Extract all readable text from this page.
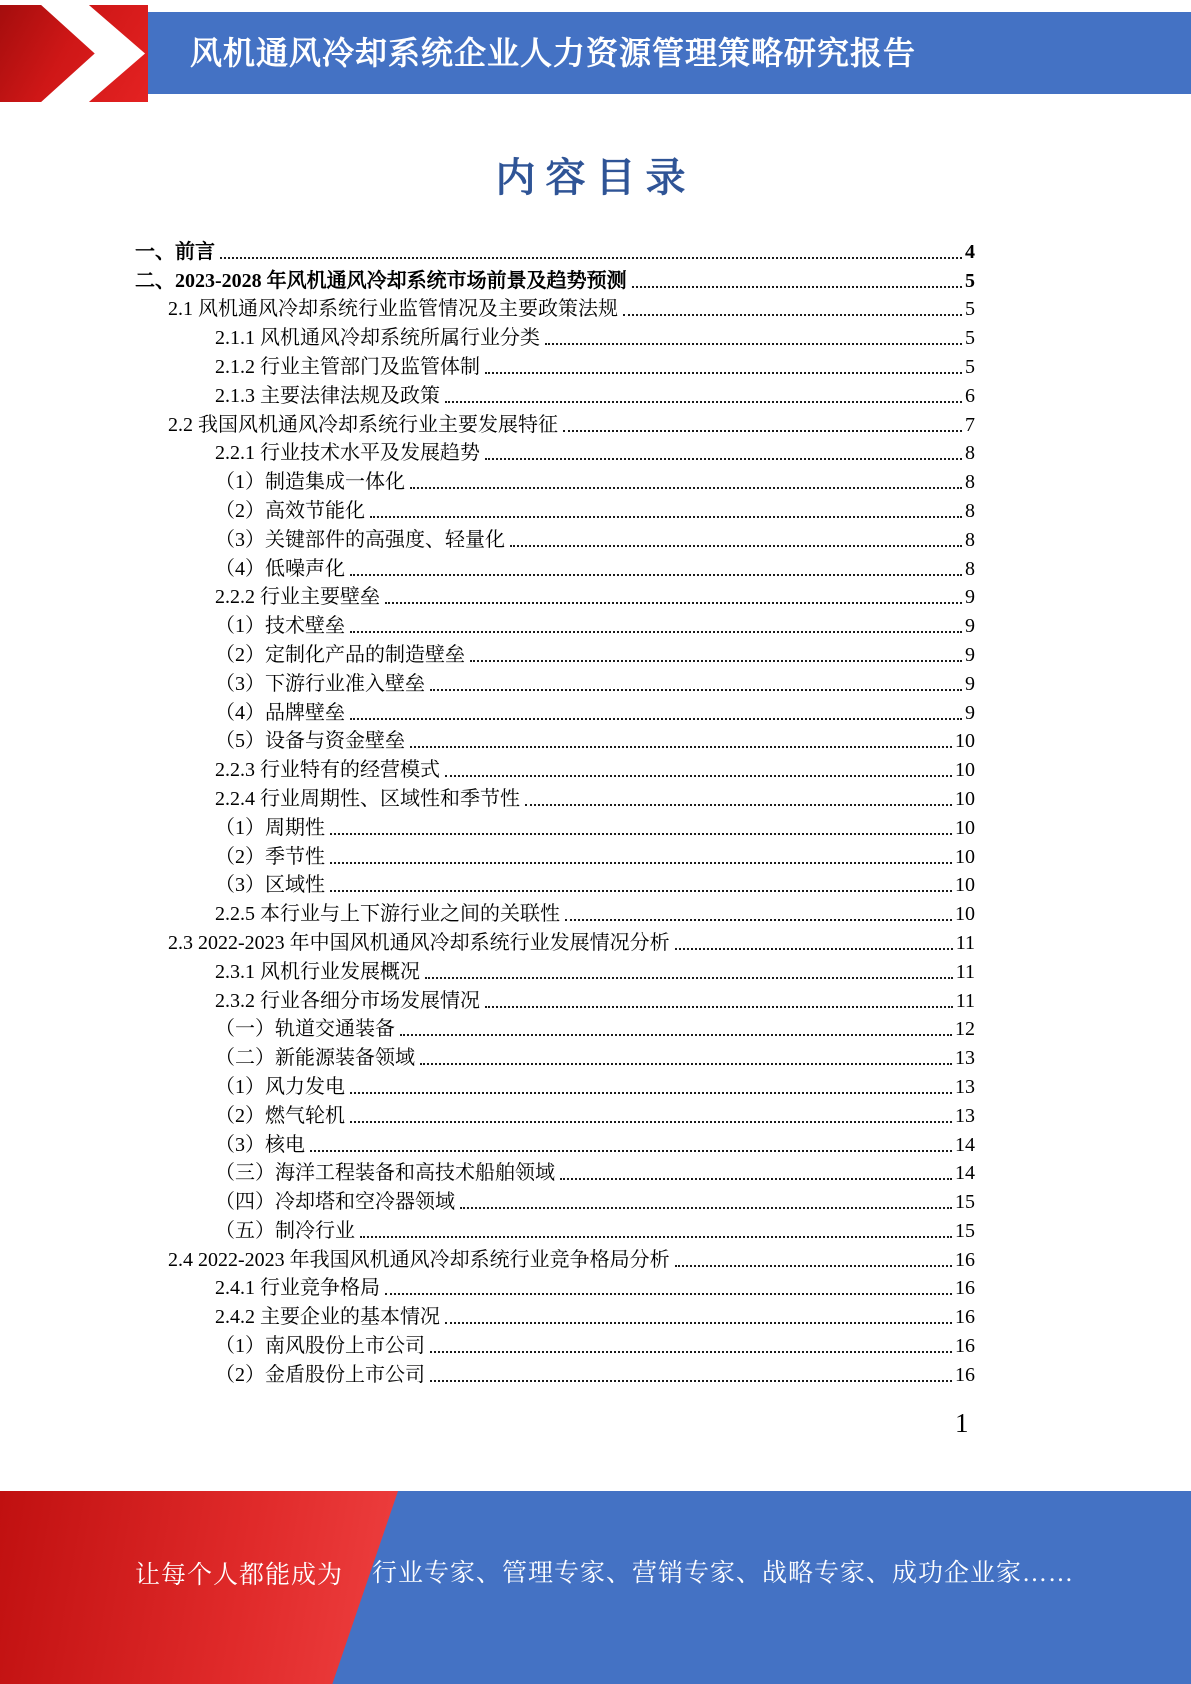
风机通风冷却系统企业人力资源管理策略研究报告
内容目录
一、前言	4
二、2023-2028 年风机通风冷却系统市场前景及趋势预测	5
2.1 风机通风冷却系统行业监管情况及主要政策法规	5
2.1.1 风机通风冷却系统所属行业分类	5
2.1.2 行业主管部门及监管体制	5
2.1.3 主要法律法规及政策	6
2.2 我国风机通风冷却系统行业主要发展特征	7
2.2.1 行业技术水平及发展趋势	8
（1）制造集成一体化	8
（2）高效节能化	8
（3）关键部件的高强度、轻量化	8
（4）低噪声化	8
2.2.2 行业主要壁垒	9
（1）技术壁垒	9
（2）定制化产品的制造壁垒	9
（3）下游行业准入壁垒	9
（4）品牌壁垒	9
（5）设备与资金壁垒	10
2.2.3 行业特有的经营模式	10
2.2.4 行业周期性、区域性和季节性	10
（1）周期性	10
（2）季节性	10
（3）区域性	10
2.2.5 本行业与上下游行业之间的关联性	10
2.3 2022-2023 年中国风机通风冷却系统行业发展情况分析	11
2.3.1 风机行业发展概况	11
2.3.2 行业各细分市场发展情况	11
（一）轨道交通装备	12
（二）新能源装备领域	13
（1）风力发电	13
（2）燃气轮机	13
（3）核电	14
（三）海洋工程装备和高技术船舶领域	14
（四）冷却塔和空冷器领域	15
（五）制冷行业	15
2.4 2022-2023 年我国风机通风冷却系统行业竞争格局分析	16
2.4.1 行业竞争格局	16
2.4.2 主要企业的基本情况	16
（1）南风股份上市公司	16
（2）金盾股份上市公司	16
1
让每个人都能成为 行业专家、管理专家、营销专家、战略专家、成功企业家……
